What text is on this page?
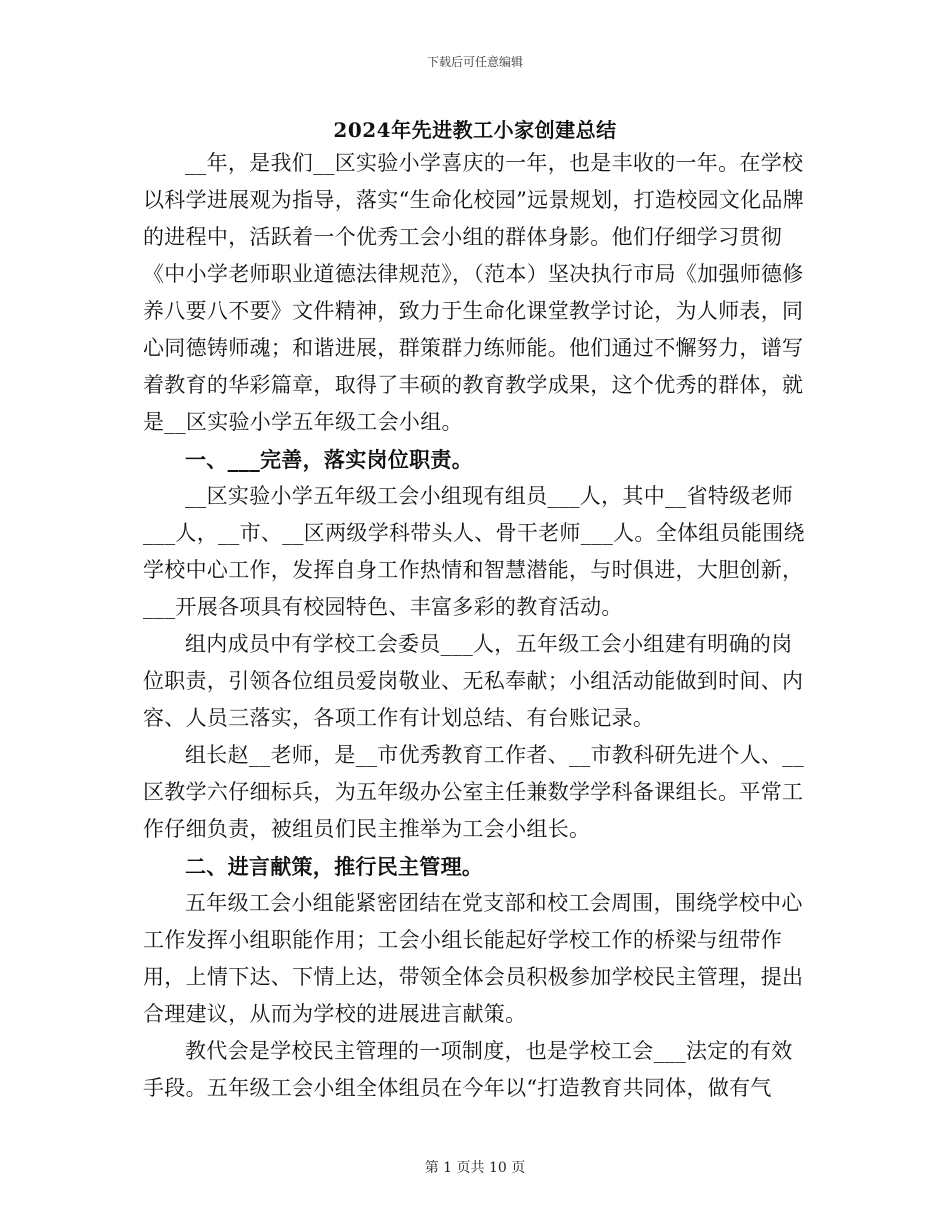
下载后可任意编辑
2024年先进教工小家创建总结

__年，是我们__区实验小学喜庆的一年，也是丰收的一年。在学校以科学进展观为指导，落实“生命化校园”远景规划，打造校园文化品牌的进程中，活跃着一个优秀工会小组的群体身影。他们仔细学习贯彻《中小学老师职业道德法律规范》，（范本）坚决执行市局《加强师德修养八要八不要》文件精神，致力于生命化课堂教学讨论，为人师表，同心同德铸师魂；和谐进展，群策群力练师能。他们通过不懈努力，谱写着教育的华彩篇章，取得了丰硕的教育教学成果，这个优秀的群体，就是__区实验小学五年级工会小组。

一、___完善，落实岗位职责。

__区实验小学五年级工会小组现有组员___人，其中__省特级老师___人，__市、__区两级学科带头人、骨干老师___人。全体组员能围绕学校中心工作，发挥自身工作热情和智慧潜能，与时俱进，大胆创新，___开展各项具有校园特色、丰富多彩的教育活动。

组内成员中有学校工会委员___人，五年级工会小组建有明确的岗位职责，引领各位组员爱岗敬业、无私奉献；小组活动能做到时间、内容、人员三落实，各项工作有计划总结、有台账记录。

组长赵__老师，是__市优秀教育工作者、__市教科研先进个人、__区教学六仔细标兵，为五年级办公室主任兼数学学科备课组长。平常工作仔细负责，被组员们民主推举为工会小组长。

二、进言献策，推行民主管理。

五年级工会小组能紧密团结在党支部和校工会周围，围绕学校中心工作发挥小组职能作用；工会小组长能起好学校工作的桥梁与纽带作用，上情下达、下情上达，带领全体会员积极参加学校民主管理，提出合理建议，从而为学校的进展进言献策。

教代会是学校民主管理的一项制度，也是学校工会___法定的有效手段。五年级工会小组全体组员在今年以“打造教育共同体，做有气

第 1 页共 10 页
